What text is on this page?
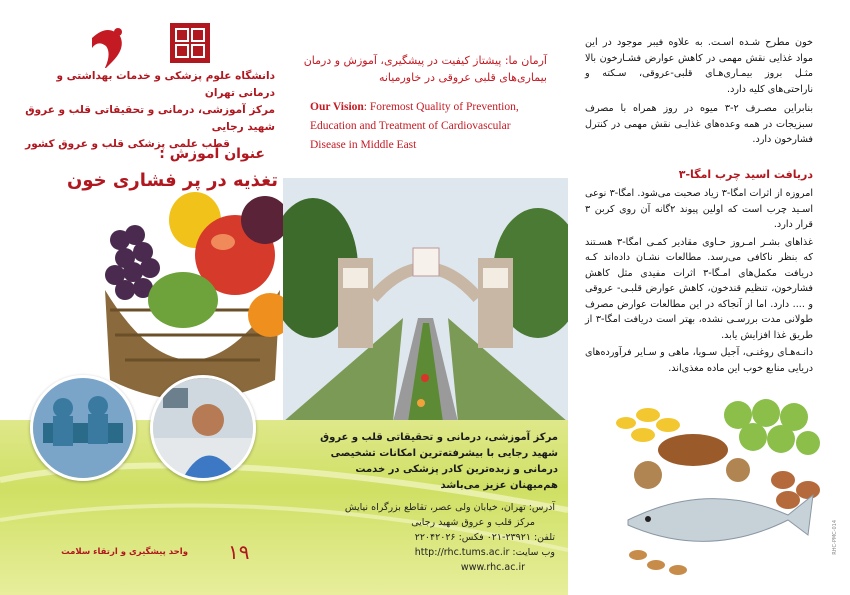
دانشگاه علوم پزشکی و خدمات بهداشتی و درمانی تهران
مرکز آموزشی، درمانی و تحقیقاتی قلب و عروق شهید رجایی
قطب علمی پزشکی قلب و عروق کشور
عنوان آموزش :
تغذیه در پر فشاری خون
آرمان ما: پیشتاز کیفیت در پیشگیری، آموزش و درمان بیماری‌های قلبی عروقی در خاورمیانه
Our Vision: Foremost Quality of Prevention, Education and Treatment of Cardiovascular Disease in Middle East
مرکز آموزشی، درمانی و تحقیقاتی قلب و عروق شهید رجایی با بیشرفته‌ترین امکانات تشخیصی درمانی و زبده‌ترین کادر پزشکی در خدمت هم‌میهنان عزیز می‌باشد
آدرس: تهران، خیابان ولی عصر، تقاطع بزرگراه نیایش
مرکز قلب و عروق شهید رجایی
تلفن: ۲۳۹۲۱-۰۲۱ فکس: ۲۲۰۴۲۰۲۶
وب سایت: http://rhc.tums.ac.ir
www.rhc.ac.ir
۱۹
واحد پیشگیری و ارتقاء سلامت

خون مطرح شـده اسـت. به علاوه فیبر موجود در این مواد غذایی نقش مهمی در کاهش عوارض فشـارخون بالا مثـل بروز بیمـاری‌هـای قلبی-عروقی، سـکته و ناراحتی‌های کلیه دارد.

بنابراین مصـرف ۲-۳ میوه در روز همراه با مصرف سبزیجات در همه وعده‌های غذایـی نقش مهمی در کنترل فشارخون دارد.

دریافت اسید چرب امگا-۳

امروزه از اثرات امگا-۳ زیاد صحبت می‌شود. امگا-۳ نوعی اسـید چرب است که اولین پیوند ۲گانه آن روی کربن ۳ قرار دارد.

غذاهای بشـر امـروز حـاوی مقادیر کمـی امگا-۳ هسـتند که بنظر ناکافی می‌رسد. مطالعات نشـان داده‌اند کـه دریافت مکمل‌های امـگا-۳ اثرات مفیدی مثل کاهش فشارخون، تنظیم قندخون، کاهش عوارض قلبـی- عروقی و .... دارد. اما از آنجاکه در این مطالعات عوارض مصرف طولانی مدت بررسـی نشده، بهتر است دریافت امگا-۳ از طریق غذا افزایش یابد.

دانـه‌هـای روغنـی، آجیل سـویا، ماهی و سـایر فرآورده‌های دریایی منابع خوب این ماده مغذی‌اند.

RHC-PMC-014
